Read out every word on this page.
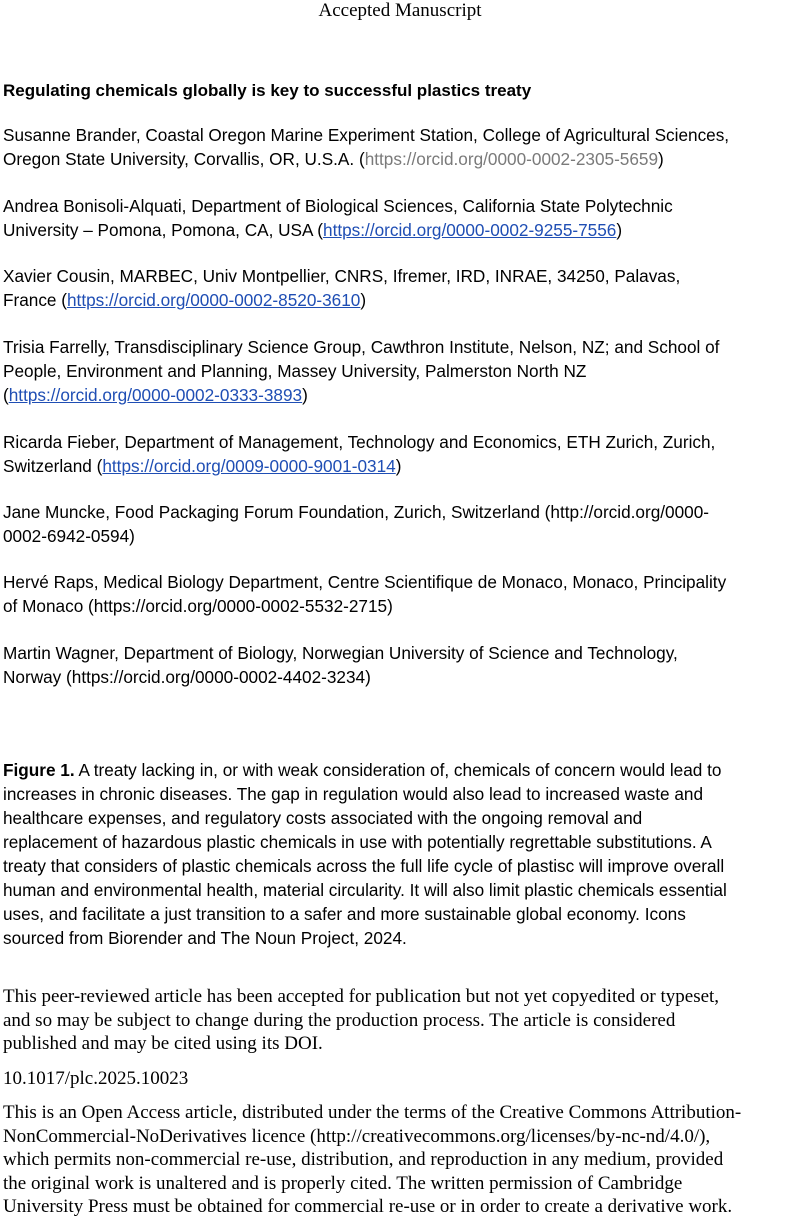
Accepted Manuscript
Regulating chemicals globally is key to successful plastics treaty
Susanne Brander, Coastal Oregon Marine Experiment Station, College of Agricultural Sciences,
Oregon State University, Corvallis, OR, U.S.A. (https://orcid.org/0000-0002-2305-5659)
Andrea Bonisoli-Alquati, Department of Biological Sciences, California State Polytechnic
University – Pomona, Pomona, CA, USA (https://orcid.org/0000-0002-9255-7556)
Xavier Cousin, MARBEC, Univ Montpellier, CNRS, Ifremer, IRD, INRAE, 34250, Palavas,
France (https://orcid.org/0000-0002-8520-3610)
Trisia Farrelly, Transdisciplinary Science Group, Cawthron Institute, Nelson, NZ; and School of
People, Environment and Planning, Massey University, Palmerston North NZ
(https://orcid.org/0000-0002-0333-3893)
Ricarda Fieber, Department of Management, Technology and Economics, ETH Zurich, Zurich,
Switzerland (https://orcid.org/0009-0000-9001-0314)
Jane Muncke, Food Packaging Forum Foundation, Zurich, Switzerland (http://orcid.org/0000-
0002-6942-0594)
Hervé Raps, Medical Biology Department, Centre Scientifique de Monaco, Monaco, Principality
of Monaco (https://orcid.org/0000-0002-5532-2715)
Martin Wagner, Department of Biology, Norwegian University of Science and Technology,
Norway (https://orcid.org/0000-0002-4402-3234)
Figure 1. A treaty lacking in, or with weak consideration of, chemicals of concern would lead to
increases in chronic diseases. The gap in regulation would also lead to increased waste and
healthcare expenses, and regulatory costs associated with the ongoing removal and
replacement of hazardous plastic chemicals in use with potentially regrettable substitutions. A
treaty that considers of plastic chemicals across the full life cycle of plastisc will improve overall
human and environmental health, material circularity. It will also limit plastic chemicals essential
uses, and facilitate a just transition to a safer and more sustainable global economy. Icons
sourced from Biorender and The Noun Project, 2024.
This peer-reviewed article has been accepted for publication but not yet copyedited or typeset,
and so may be subject to change during the production process. The article is considered
published and may be cited using its DOI.
10.1017/plc.2025.10023
This is an Open Access article, distributed under the terms of the Creative Commons Attribution-
NonCommercial-NoDerivatives licence (http://creativecommons.org/licenses/by-nc-nd/4.0/),
which permits non-commercial re-use, distribution, and reproduction in any medium, provided
the original work is unaltered and is properly cited. The written permission of Cambridge
University Press must be obtained for commercial re-use or in order to create a derivative work.
